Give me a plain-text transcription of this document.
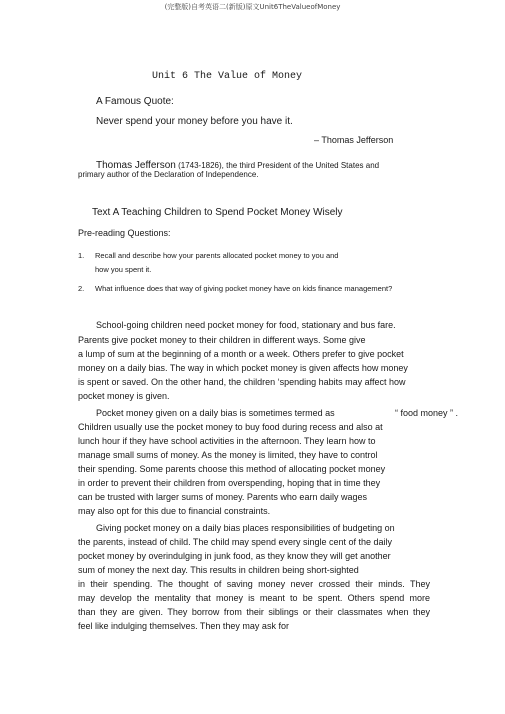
(完整版)自考英语二(新版)原文Unit6TheValueofMoney
Unit 6 The Value of Money
A Famous Quote:
Never spend your money before you have it.
– Thomas Jefferson
Thomas Jefferson (1743-1826), the third President of the United States and
primary author of the Declaration of Independence.
Text A Teaching Children to Spend Pocket Money Wisely
Pre-reading Questions:
1. Recall and describe how your parents allocated pocket money to you and
how you spent it.
2. What influence does that way of giving pocket money have on kids finance management?
School-going children need pocket money for food, stationary and bus fare.
Parents give pocket money to their children in different ways. Some give
a lump of sum at the beginning of a month or a week. Others prefer to give pocket
money on a daily bias. The way in which pocket money is given affects how money
is spent or saved. On the other hand, the children ‘spending habits may affect how
pocket money is given.
Pocket money given on a daily bias is sometimes termed as	“ food money ” .
Children usually use the pocket money to buy food during recess and also at
lunch hour if they have school activities in the afternoon. They learn how to
manage small sums of money. As the money is limited, they have to control
their spending. Some parents choose this method of allocating pocket money
in order to prevent their children from overspending, hoping that in time they
can be trusted with larger sums of money. Parents who earn daily wages
may also opt for this due to financial constraints.
Giving pocket money on a daily bias places responsibilities of budgeting on
the parents, instead of child. The child may spend every single cent of the daily
pocket money by overindulging in junk food, as they know they will get another
sum of money the next day. This results in children being short-sighted
in their spending. The thought of saving money never crossed their minds. They
may develop the mentality that money is meant to be spent. Others spend more
than they are given. They borrow from their siblings or their classmates when they
feel like indulging themselves. Then they may ask for
